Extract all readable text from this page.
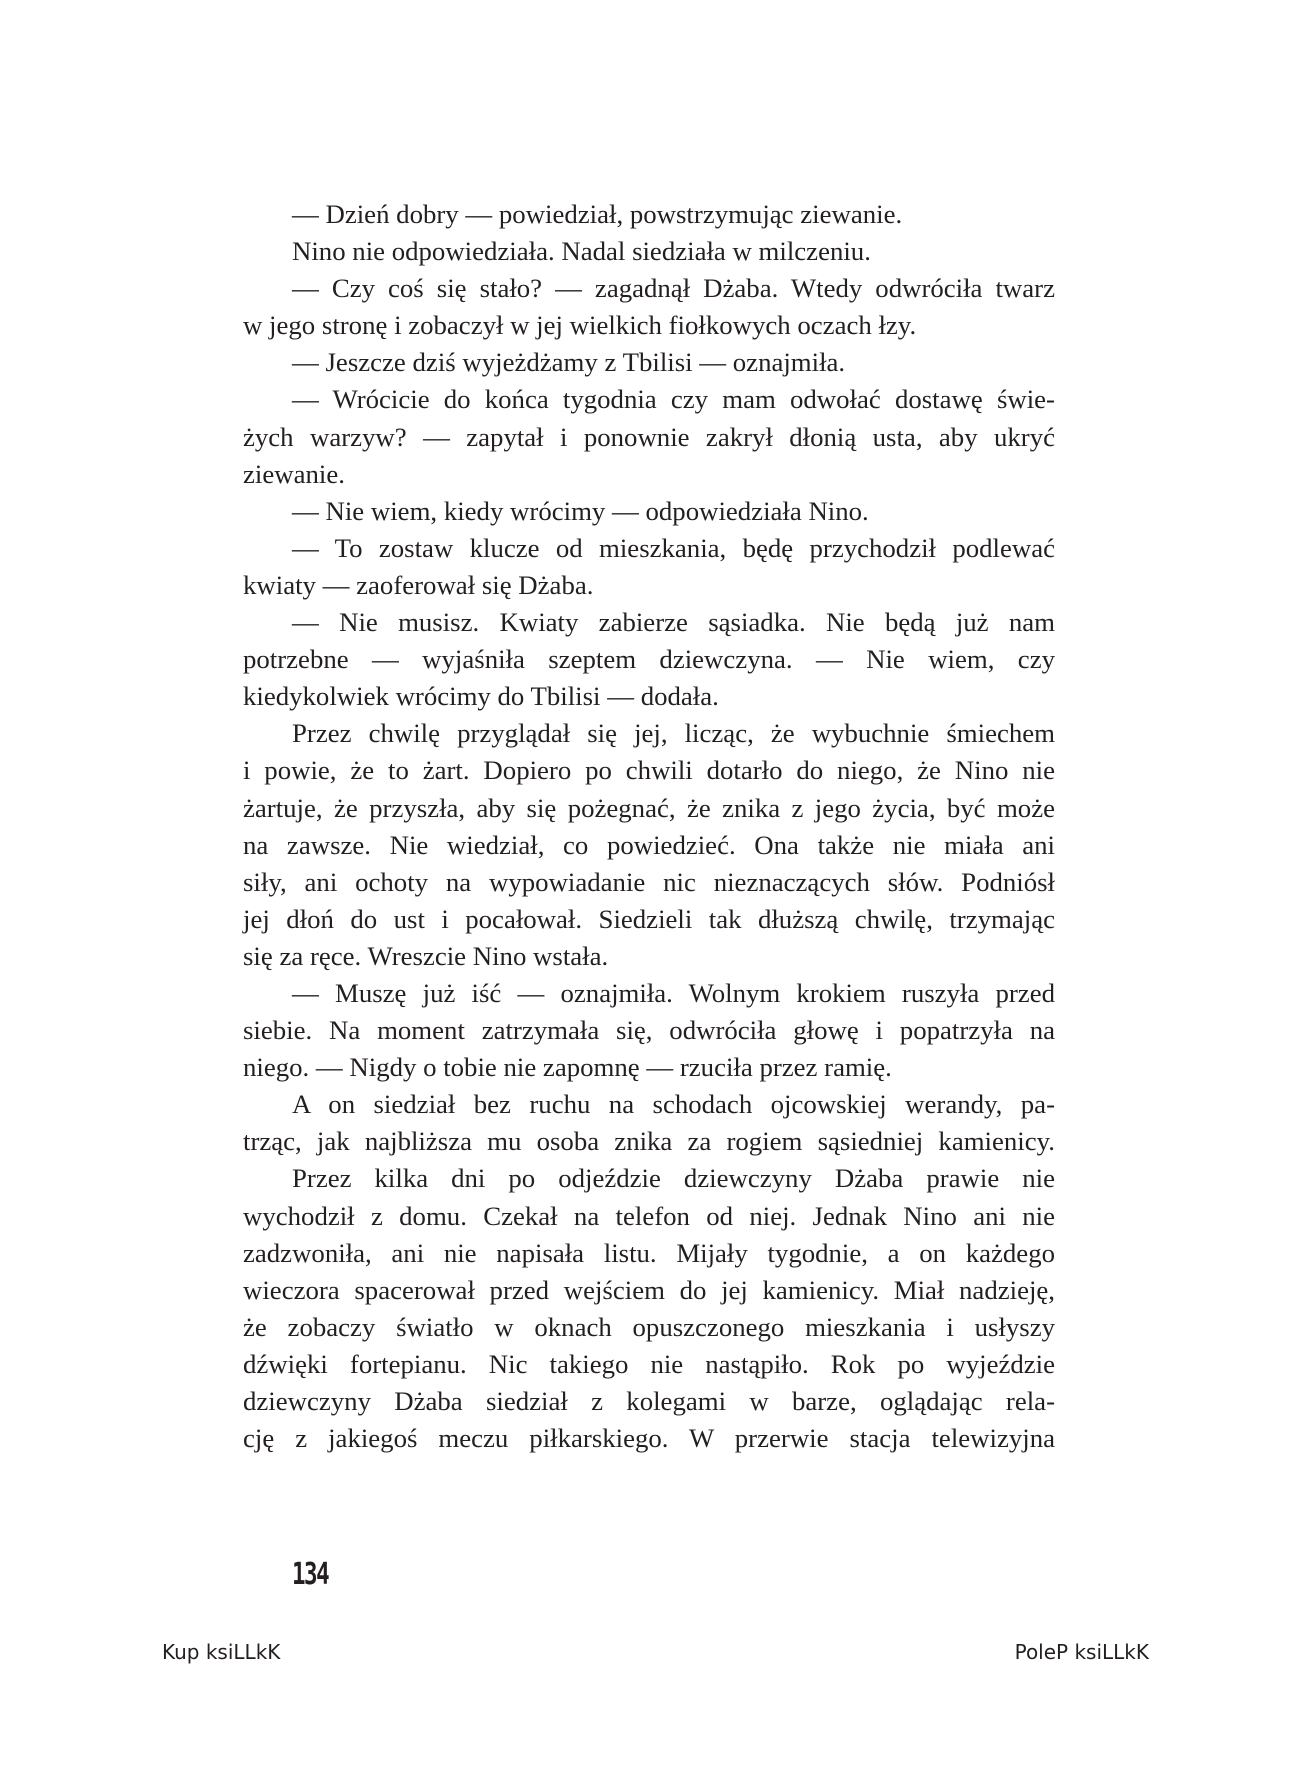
— Dzień dobry — powiedział, powstrzymując ziewanie.
Nino nie odpowiedziała. Nadal siedziała w milczeniu.
— Czy coś się stało? — zagadnął Dżaba. Wtedy odwróciła twarz
w jego stronę i zobaczył w jej wielkich fiołkowych oczach łzy.
— Jeszcze dziś wyjeżdżamy z Tbilisi — oznajmiła.
— Wrócicie do końca tygodnia czy mam odwołać dostawę świe-
żych warzyw? — zapytał i ponownie zakrył dłonią usta, aby ukryć
ziewanie.
— Nie wiem, kiedy wrócimy — odpowiedziała Nino.
— To zostaw klucze od mieszkania, będę przychodził podlewać
kwiaty — zaoferował się Dżaba.
— Nie musisz. Kwiaty zabierze sąsiadka. Nie będą już nam
potrzebne — wyjaśniła szeptem dziewczyna. — Nie wiem, czy
kiedykolwiek wrócimy do Tbilisi — dodała.
Przez chwilę przyglądał się jej, licząc, że wybuchnie śmiechem
i powie, że to żart. Dopiero po chwili dotarło do niego, że Nino nie
żartuje, że przyszła, aby się pożegnać, że znika z jego życia, być może
na zawsze. Nie wiedział, co powiedzieć. Ona także nie miała ani
siły, ani ochoty na wypowiadanie nic nieznaczących słów. Podniósł
jej dłoń do ust i pocałował. Siedzieli tak dłuższą chwilę, trzymając
się za ręce. Wreszcie Nino wstała.
— Muszę już iść — oznajmiła. Wolnym krokiem ruszyła przed
siebie. Na moment zatrzymała się, odwróciła głowę i popatrzyła na
niego. — Nigdy o tobie nie zapomnę — rzuciła przez ramię.
A on siedział bez ruchu na schodach ojcowskiej werandy, pa-
trząc, jak najbliższa mu osoba znika za rogiem sąsiedniej kamienicy.
Przez kilka dni po odjeździe dziewczyny Dżaba prawie nie
wychodził z domu. Czekał na telefon od niej. Jednak Nino ani nie
zadzwoniła, ani nie napisała listu. Mijały tygodnie, a on każdego
wieczora spacerował przed wejściem do jej kamienicy. Miał nadzieję,
że zobaczy światło w oknach opuszczonego mieszkania i usłyszy
dźwięki fortepianu. Nic takiego nie nastąpiło. Rok po wyjeździe
dziewczyny Dżaba siedział z kolegami w barze, oglądając rela-
cję z jakiegoś meczu piłkarskiego. W przerwie stacja telewizyjna
134
Kup ksiLLkK	PoleP ksiLLkK
